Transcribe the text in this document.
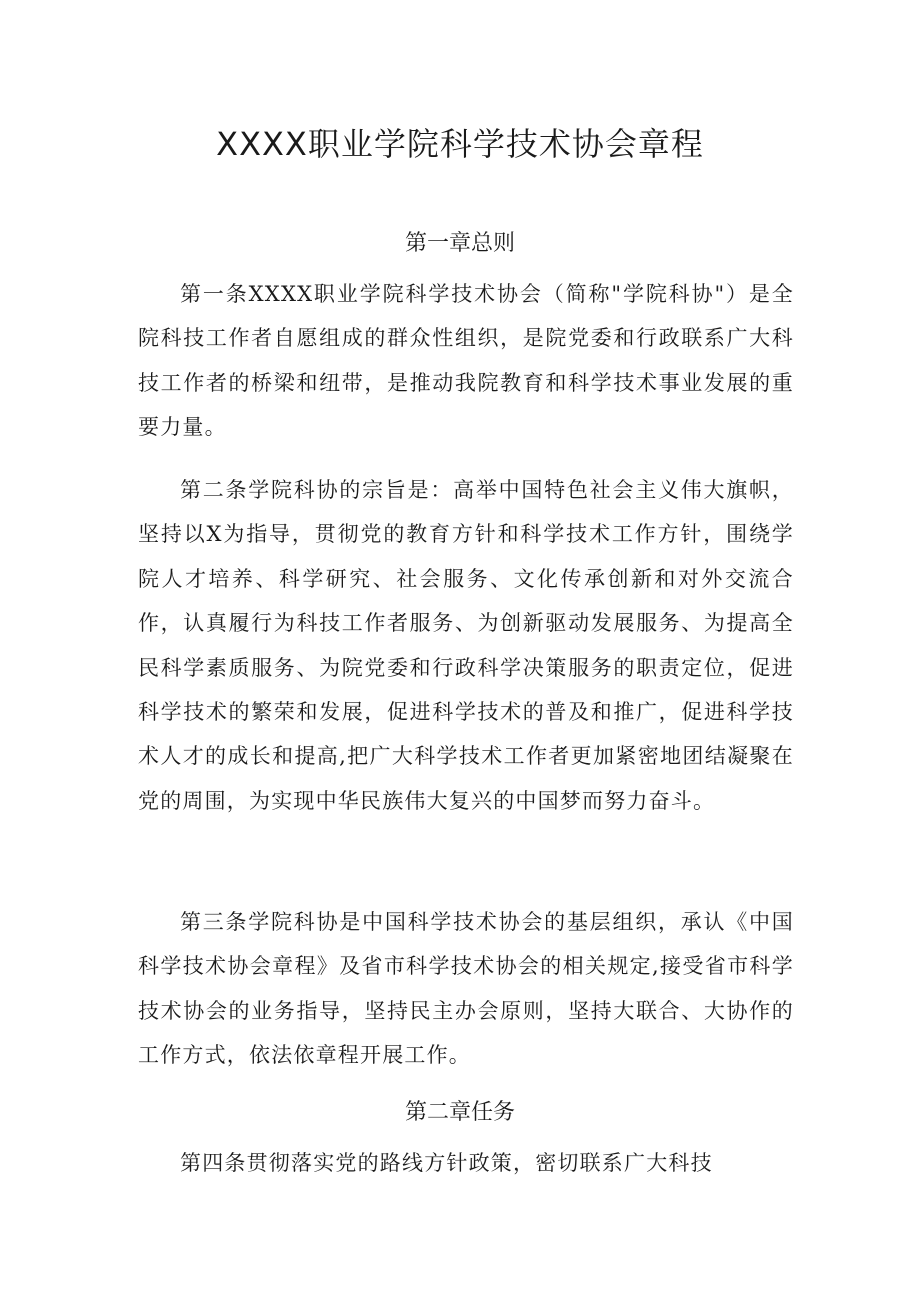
XXXX职业学院科学技术协会章程
第一章总则

第一条XXXX职业学院科学技术协会（简称"学院科协"）是全院科技工作者自愿组成的群众性组织，是院党委和行政联系广大科技工作者的桥梁和纽带，是推动我院教育和科学技术事业发展的重要力量。

第二条学院科协的宗旨是：高举中国特色社会主义伟大旗帜，坚持以X为指导，贯彻党的教育方针和科学技术工作方针，围绕学院人才培养、科学研究、社会服务、文化传承创新和对外交流合作，认真履行为科技工作者服务、为创新驱动发展服务、为提高全民科学素质服务、为院党委和行政科学决策服务的职责定位，促进科学技术的繁荣和发展，促进科学技术的普及和推广，促进科学技术人才的成长和提高,把广大科学技术工作者更加紧密地团结凝聚在党的周围，为实现中华民族伟大复兴的中国梦而努力奋斗。

第三条学院科协是中国科学技术协会的基层组织，承认《中国科学技术协会章程》及省市科学技术协会的相关规定,接受省市科学技术协会的业务指导，坚持民主办会原则，坚持大联合、大协作的工作方式，依法依章程开展工作。

第二章任务

第四条贯彻落实党的路线方针政策，密切联系广大科技
